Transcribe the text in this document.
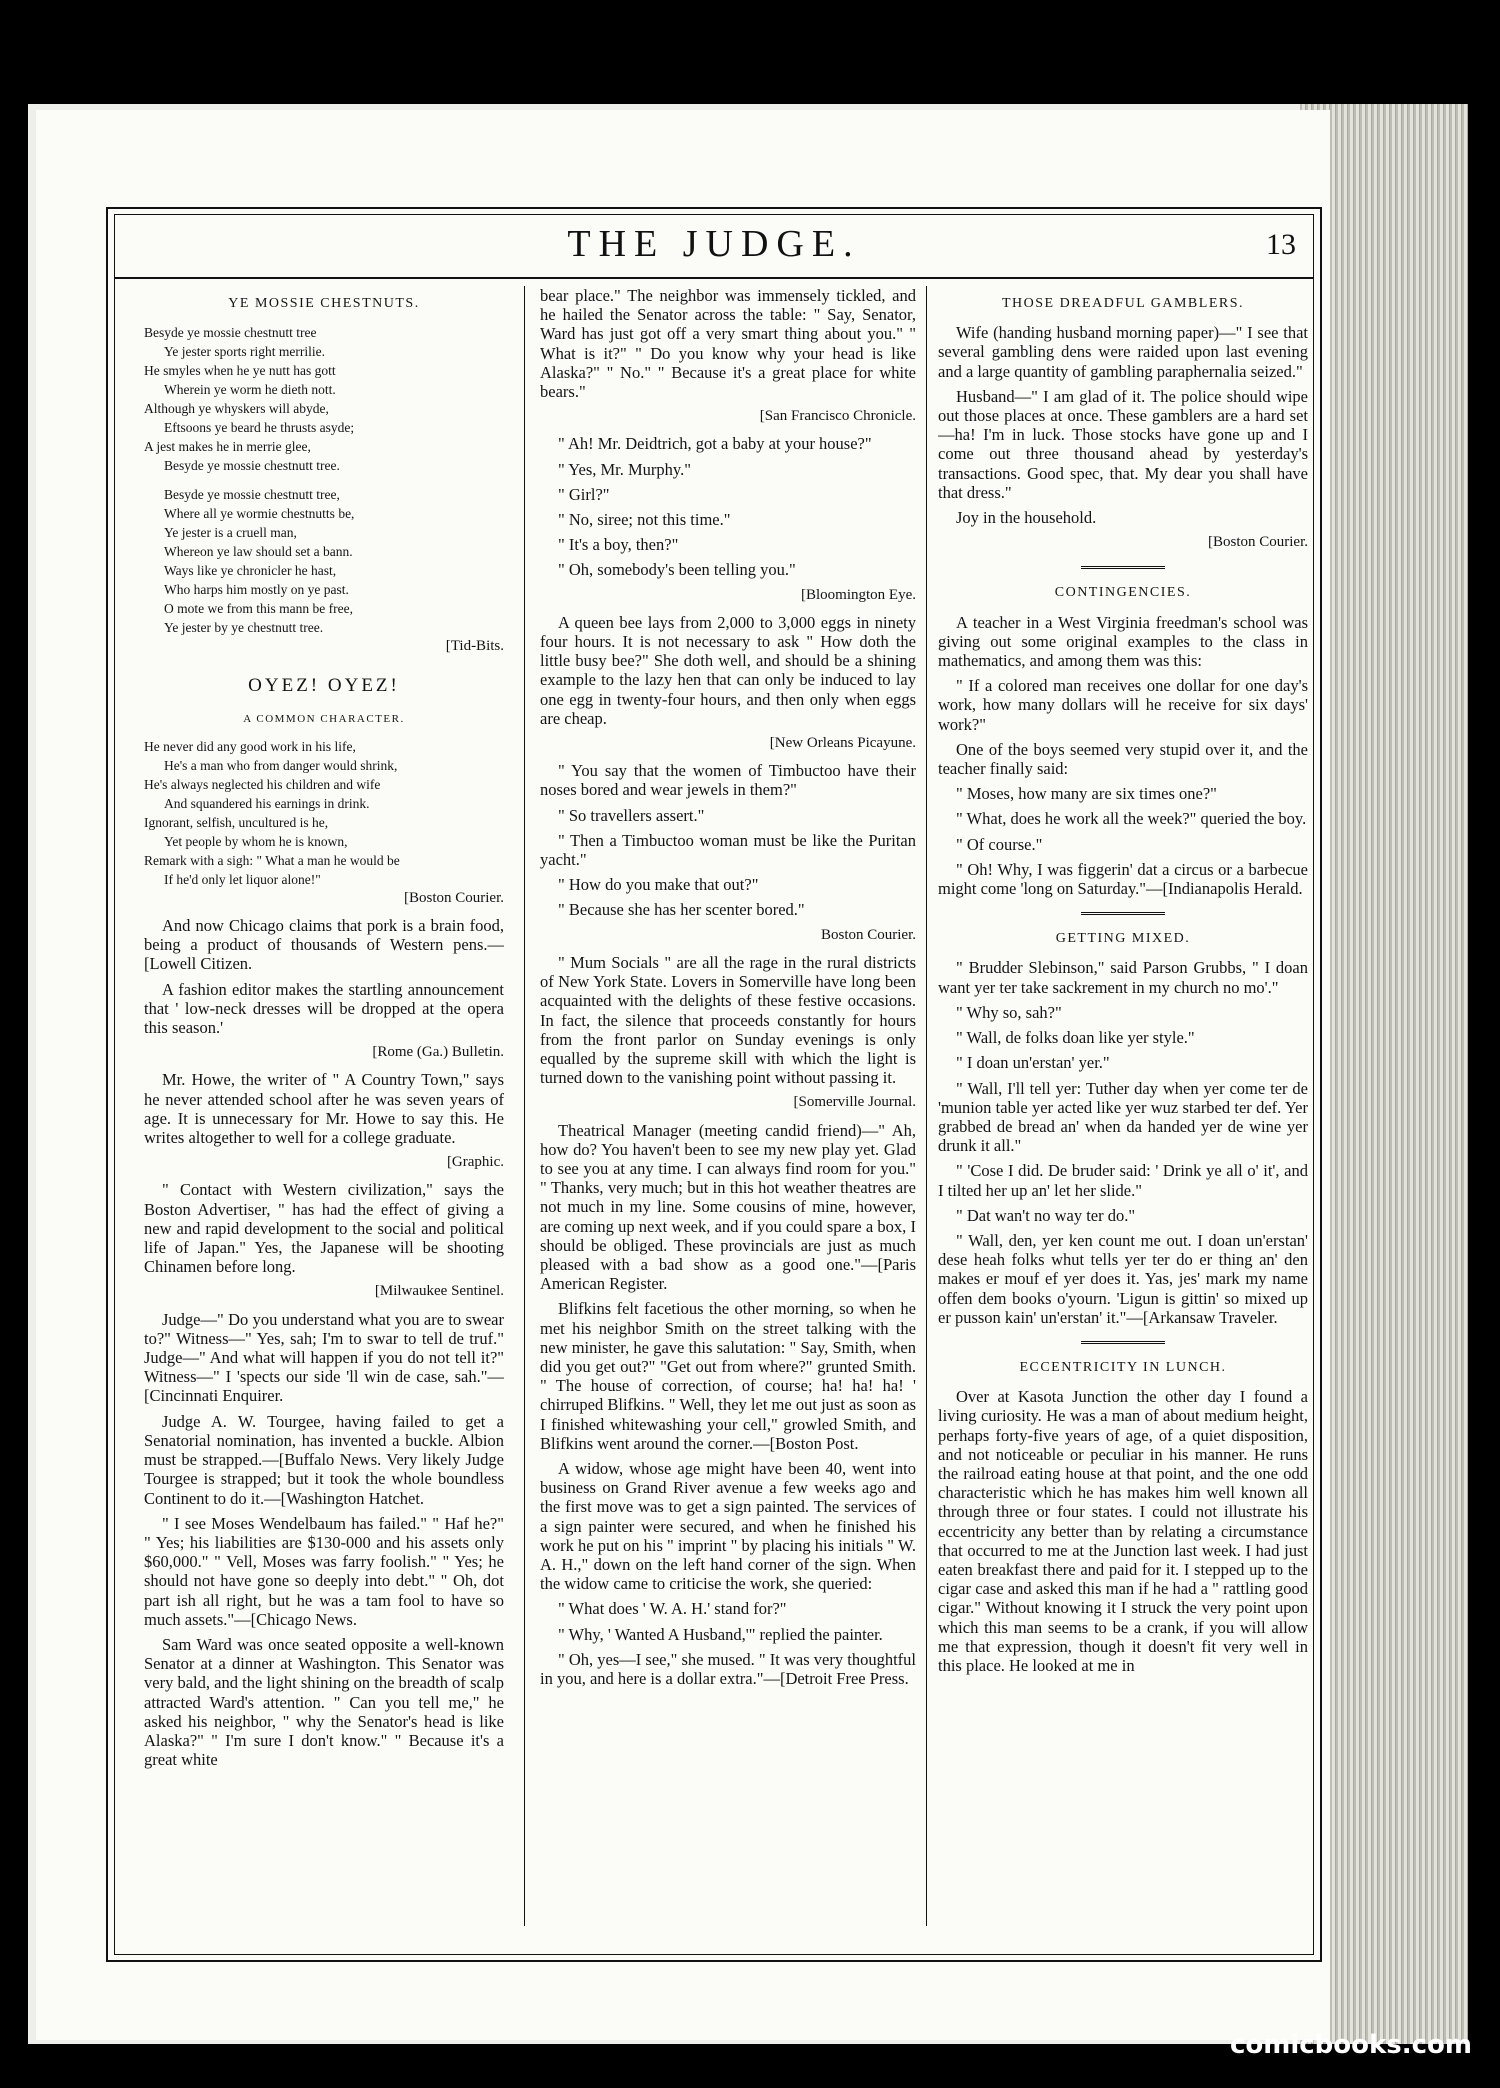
THE JUDGE.	13
YE MOSSIE CHESTNUTS.
Besyde ye mossie chestnutt tree
Ye jester sports right merrilie.
He smyles when he ye nutt has gott
Wherein ye worm he dieth nott.
Although ye whyskers will abyde,
Eftsoons ye beard he thrusts asyde;
A jest makes he in merrie glee,
Besyde ye mossie chestnutt tree.
Besyde ye mossie chestnutt tree,
Where all ye wormie chestnutts be,
Ye jester is a cruell man,
Whereon ye law should set a bann.
Ways like ye chronicler he hast,
Who harps him mostly on ye past.
O mote we from this mann be free,
Ye jester by ye chestnutt tree.
[Tid-Bits.
OYEZ! OYEZ!
A COMMON CHARACTER.
He never did any good work in his life,
He's a man who from danger would shrink,
He's always neglected his children and wife
And squandered his earnings in drink.
Ignorant, selfish, uncultured is he,
Yet people by whom he is known,
Remark with a sigh: " What a man he would be
If he'd only let liquor alone!"
[Boston Courier.

And now Chicago claims that pork is a brain food, being a product of thousands of Western pens.—[Lowell Citizen.

A fashion editor makes the startling announcement that ' low-neck dresses will be dropped at the opera this season.'

[Rome (Ga.) Bulletin.

Mr. Howe, the writer of " A Country Town," says he never attended school after he was seven years of age. It is unnecessary for Mr. Howe to say this. He writes altogether to well for a college graduate.

[Graphic.

" Contact with Western civilization," says the Boston Advertiser, " has had the effect of giving a new and rapid development to the social and political life of Japan." Yes, the Japanese will be shooting Chinamen before long.

[Milwaukee Sentinel.

Judge—" Do you understand what you are to swear to?" Witness—" Yes, sah; I'm to swar to tell de truf." Judge—" And what will happen if you do not tell it?" Witness—" I 'spects our side 'll win de case, sah."—[Cincinnati Enquirer.

Judge A. W. Tourgee, having failed to get a Senatorial nomination, has invented a buckle. Albion must be strapped.—[Buffalo News. Very likely Judge Tourgee is strapped; but it took the whole boundless Continent to do it.—[Washington Hatchet.

" I see Moses Wendelbaum has failed." " Haf he?" " Yes; his liabilities are $130-000 and his assets only $60,000." " Vell, Moses was farry foolish." " Yes; he should not have gone so deeply into debt." " Oh, dot part ish all right, but he was a tam fool to have so much assets."—[Chicago News.

Sam Ward was once seated opposite a well-known Senator at a dinner at Washington. This Senator was very bald, and the light shining on the breadth of scalp attracted Ward's attention. " Can you tell me," he asked his neighbor, " why the Senator's head is like Alaska?" " I'm sure I don't know." " Because it's a great white

bear place." The neighbor was immensely tickled, and he hailed the Senator across the table: " Say, Senator, Ward has just got off a very smart thing about you." " What is it?" " Do you know why your head is like Alaska?" " No." " Because it's a great place for white bears."

[San Francisco Chronicle.

" Ah! Mr. Deidtrich, got a baby at your house?"

" Yes, Mr. Murphy."

" Girl?"

" No, siree; not this time."

" It's a boy, then?"

" Oh, somebody's been telling you."

[Bloomington Eye.

A queen bee lays from 2,000 to 3,000 eggs in ninety four hours. It is not necessary to ask " How doth the little busy bee?" She doth well, and should be a shining example to the lazy hen that can only be induced to lay one egg in twenty-four hours, and then only when eggs are cheap.

[New Orleans Picayune.

" You say that the women of Timbuctoo have their noses bored and wear jewels in them?"

" So travellers assert."

" Then a Timbuctoo woman must be like the Puritan yacht."

" How do you make that out?"

" Because she has her scenter bored."

Boston Courier.

" Mum Socials " are all the rage in the rural districts of New York State. Lovers in Somerville have long been acquainted with the delights of these festive occasions. In fact, the silence that proceeds constantly for hours from the front parlor on Sunday evenings is only equalled by the supreme skill with which the light is turned down to the vanishing point without passing it.

[Somerville Journal.

Theatrical Manager (meeting candid friend)—" Ah, how do? You haven't been to see my new play yet. Glad to see you at any time. I can always find room for you." " Thanks, very much; but in this hot weather theatres are not much in my line. Some cousins of mine, however, are coming up next week, and if you could spare a box, I should be obliged. These provincials are just as much pleased with a bad show as a good one."—[Paris American Register.

Blifkins felt facetious the other morning, so when he met his neighbor Smith on the street talking with the new minister, he gave this salutation: " Say, Smith, when did you get out?" "Get out from where?" grunted Smith. " The house of correction, of course; ha! ha! ha! ' chirruped Blifkins. " Well, they let me out just as soon as I finished whitewashing your cell," growled Smith, and Blifkins went around the corner.—[Boston Post.

A widow, whose age might have been 40, went into business on Grand River avenue a few weeks ago and the first move was to get a sign painted. The services of a sign painter were secured, and when he finished his work he put on his " imprint " by placing his initials " W. A. H.," down on the left hand corner of the sign. When the widow came to criticise the work, she queried:

" What does ' W. A. H.' stand for?"

" Why, ' Wanted A Husband,'" replied the painter.

" Oh, yes—I see," she mused. " It was very thoughtful in you, and here is a dollar extra."—[Detroit Free Press.

THOSE DREADFUL GAMBLERS.

Wife (handing husband morning paper)—" I see that several gambling dens were raided upon last evening and a large quantity of gambling paraphernalia seized."

Husband—" I am glad of it. The police should wipe out those places at once. These gamblers are a hard set—ha! I'm in luck. Those stocks have gone up and I come out three thousand ahead by yesterday's transactions. Good spec, that. My dear you shall have that dress."

Joy in the household.

[Boston Courier.
CONTINGENCIES.

A teacher in a West Virginia freedman's school was giving out some original examples to the class in mathematics, and among them was this:

" If a colored man receives one dollar for one day's work, how many dollars will he receive for six days' work?"

One of the boys seemed very stupid over it, and the teacher finally said:

" Moses, how many are six times one?"

" What, does he work all the week?" queried the boy.

" Of course."

" Oh! Why, I was figgerin' dat a circus or a barbecue might come 'long on Saturday."—[Indianapolis Herald.

GETTING MIXED.

" Brudder Slebinson," said Parson Grubbs, " I doan want yer ter take sackrement in my church no mo'."

" Why so, sah?"

" Wall, de folks doan like yer style."

" I doan un'erstan' yer."

" Wall, I'll tell yer: Tuther day when yer come ter de 'munion table yer acted like yer wuz starbed ter def. Yer grabbed de bread an' when da handed yer de wine yer drunk it all."

" 'Cose I did. De bruder said: ' Drink ye all o' it', and I tilted her up an' let her slide."

" Dat wan't no way ter do."

" Wall, den, yer ken count me out. I doan un'erstan' dese heah folks whut tells yer ter do er thing an' den makes er mouf ef yer does it. Yas, jes' mark my name offen dem books o'yourn. 'Ligun is gittin' so mixed up er pusson kain' un'erstan' it."—[Arkansaw Traveler.

ECCENTRICITY IN LUNCH.

Over at Kasota Junction the other day I found a living curiosity. He was a man of about medium height, perhaps forty-five years of age, of a quiet disposition, and not noticeable or peculiar in his manner. He runs the railroad eating house at that point, and the one odd characteristic which he has makes him well known all through three or four states. I could not illustrate his eccentricity any better than by relating a circumstance that occurred to me at the Junction last week. I had just eaten breakfast there and paid for it. I stepped up to the cigar case and asked this man if he had a " rattling good cigar." Without knowing it I struck the very point upon which this man seems to be a crank, if you will allow me that expression, though it doesn't fit very well in this place. He looked at me in

comicbooks.com
